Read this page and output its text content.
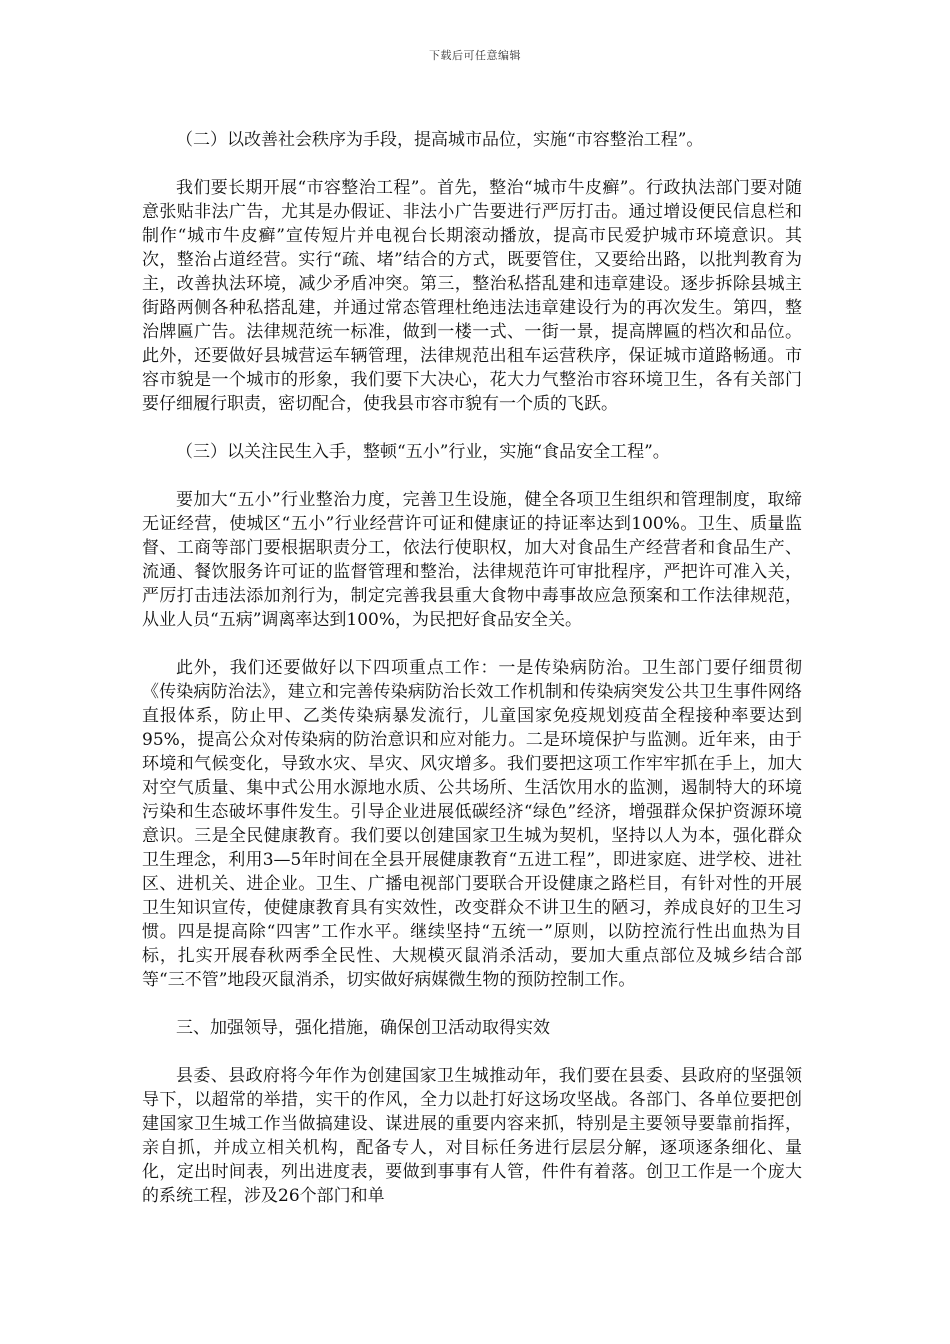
下载后可任意编辑

（二）以改善社会秩序为手段，提高城市品位，实施“市容整治工程”。

我们要长期开展“市容整治工程”。首先，整治“城市牛皮癣”。行政执法部门要对随意张贴非法广告，尤其是办假证、非法小广告要进行严厉打击。通过增设便民信息栏和制作“城市牛皮癣”宣传短片并电视台长期滚动播放，提高市民爱护城市环境意识。其次，整治占道经营。实行“疏、堵”结合的方式，既要管住，又要给出路，以批判教育为主，改善执法环境，减少矛盾冲突。第三，整治私搭乱建和违章建设。逐步拆除县城主街路两侧各种私搭乱建，并通过常态管理杜绝违法违章建设行为的再次发生。第四，整治牌匾广告。法律规范统一标准，做到一楼一式、一街一景，提高牌匾的档次和品位。此外，还要做好县城营运车辆管理，法律规范出租车运营秩序，保证城市道路畅通。市容市貌是一个城市的形象，我们要下大决心，花大力气整治市容环境卫生，各有关部门要仔细履行职责，密切配合，使我县市容市貌有一个质的飞跃。

（三）以关注民生入手，整顿“五小”行业，实施“食品安全工程”。

要加大“五小”行业整治力度，完善卫生设施，健全各项卫生组织和管理制度，取缔无证经营，使城区“五小”行业经营许可证和健康证的持证率达到100%。卫生、质量监督、工商等部门要根据职责分工，依法行使职权，加大对食品生产经营者和食品生产、流通、餐饮服务许可证的监督管理和整治，法律规范许可审批程序，严把许可准入关，严厉打击违法添加剂行为，制定完善我县重大食物中毒事故应急预案和工作法律规范，从业人员“五病”调离率达到100%，为民把好食品安全关。

此外，我们还要做好以下四项重点工作：一是传染病防治。卫生部门要仔细贯彻《传染病防治法》，建立和完善传染病防治长效工作机制和传染病突发公共卫生事件网络直报体系，防止甲、乙类传染病暴发流行，儿童国家免疫规划疫苗全程接种率要达到95%，提高公众对传染病的防治意识和应对能力。二是环境保护与监测。近年来，由于环境和气候变化，导致水灾、旱灾、风灾增多。我们要把这项工作牢牢抓在手上，加大对空气质量、集中式公用水源地水质、公共场所、生活饮用水的监测，遏制特大的环境污染和生态破坏事件发生。引导企业进展低碳经济“绿色”经济，增强群众保护资源环境意识。三是全民健康教育。我们要以创建国家卫生城为契机，坚持以人为本，强化群众卫生理念，利用3—5年时间在全县开展健康教育“五进工程”，即进家庭、进学校、进社区、进机关、进企业。卫生、广播电视部门要联合开设健康之路栏目，有针对性的开展卫生知识宣传，使健康教育具有实效性，改变群众不讲卫生的陋习，养成良好的卫生习惯。四是提高除“四害”工作水平。继续坚持“五统一”原则，以防控流行性出血热为目标，扎实开展春秋两季全民性、大规模灭鼠消杀活动，要加大重点部位及城乡结合部等“三不管”地段灭鼠消杀，切实做好病媒微生物的预防控制工作。

三、加强领导，强化措施，确保创卫活动取得实效

县委、县政府将今年作为创建国家卫生城推动年，我们要在县委、县政府的坚强领导下，以超常的举措，实干的作风，全力以赴打好这场攻坚战。各部门、各单位要把创建国家卫生城工作当做搞建设、谋进展的重要内容来抓，特别是主要领导要靠前指挥，亲自抓，并成立相关机构，配备专人，对目标任务进行层层分解，逐项逐条细化、量化，定出时间表，列出进度表，要做到事事有人管，件件有着落。创卫工作是一个庞大的系统工程，涉及26个部门和单
